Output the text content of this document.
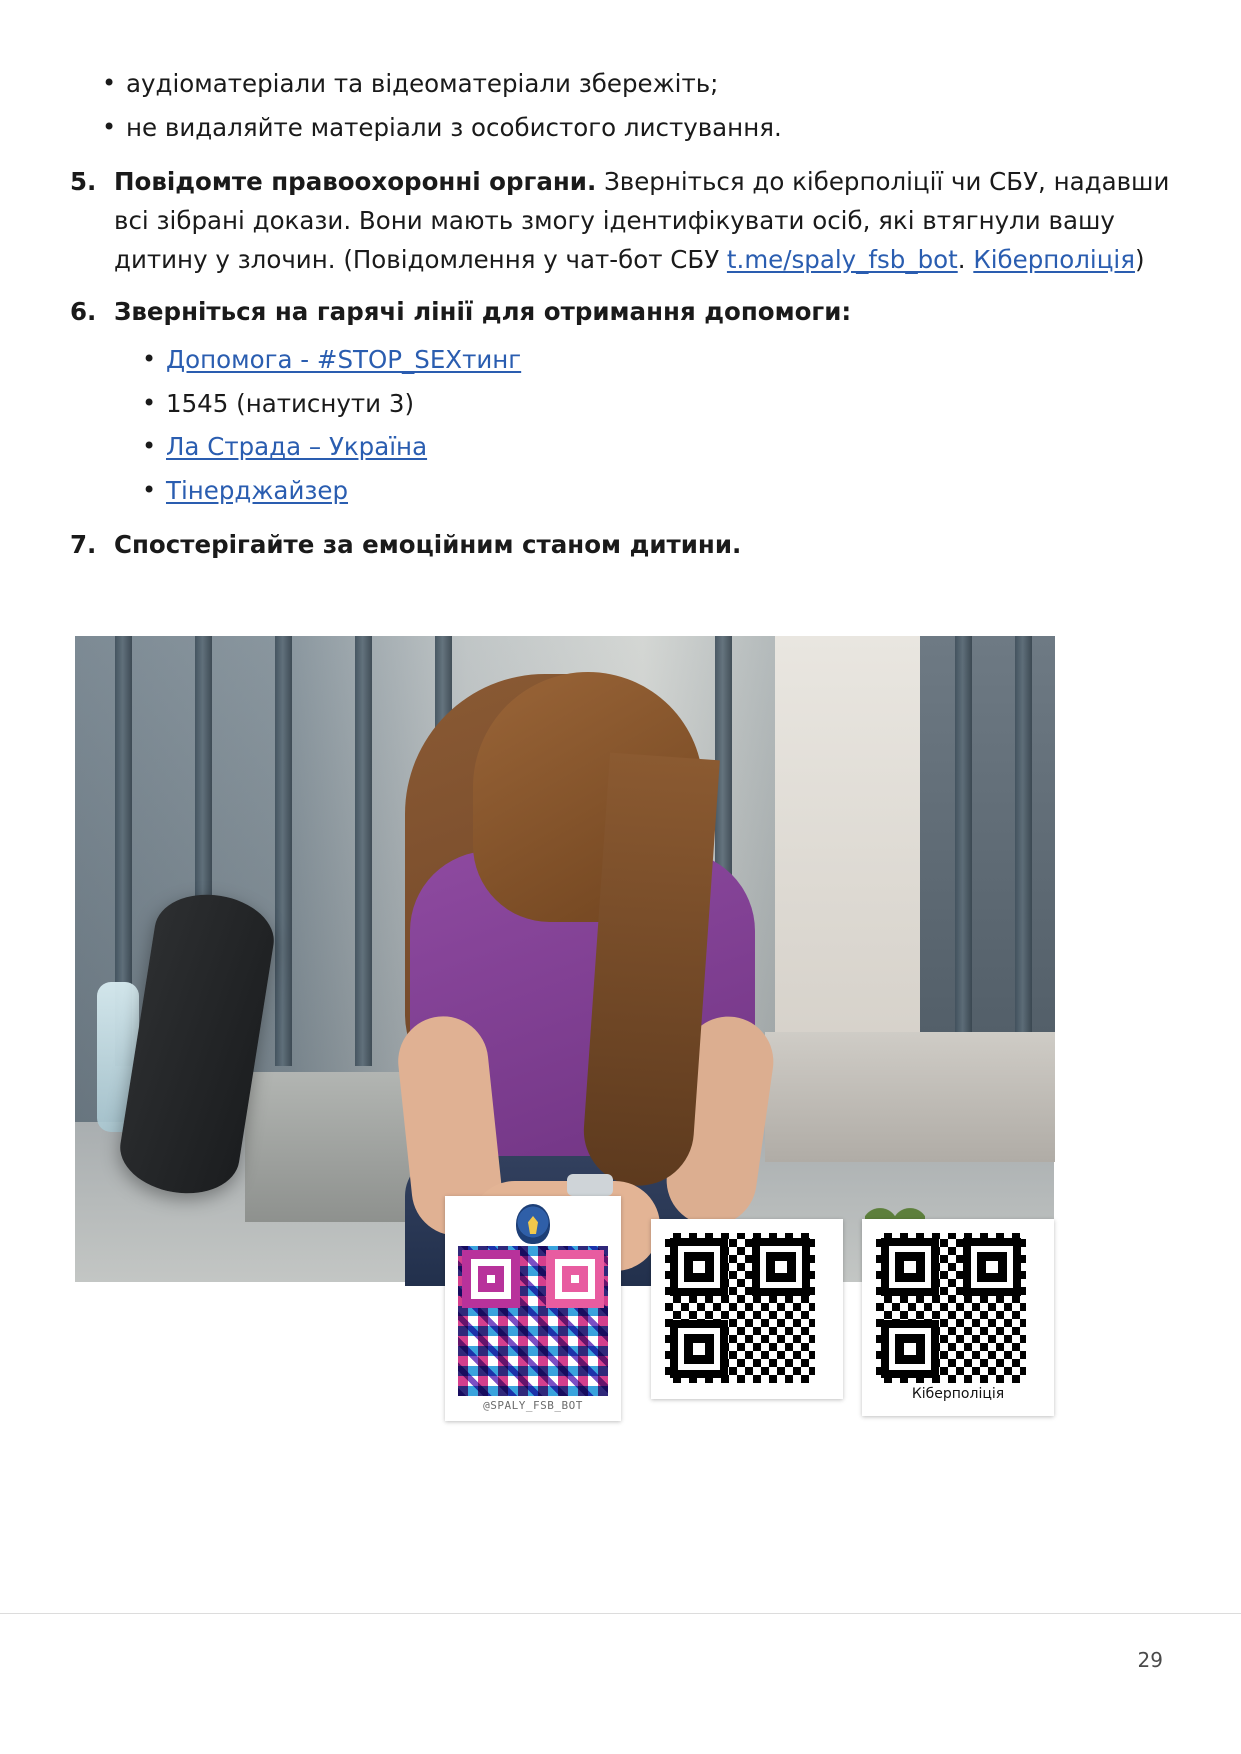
• аудіоматеріали та відеоматеріали збережіть;
• не видаляйте матеріали з особистого листування.
5. Повідомте правоохоронні органи. Зверніться до кіберполіції чи СБУ, надавши всі зібрані докази. Вони мають змогу ідентифікувати осіб, які втягнули вашу дитину у злочин. (Повідомлення у чат-бот СБУ t.me/spaly_fsb_bot. Кіберполіція)
6. Зверніться на гарячі лінії для отримання допомоги:
• Допомога - #STOP_SEXтинг
• 1545 (натиснути 3)
• Ла Страда – Україна
• Тінерджайзер
7. Спостерігайте за емоційним станом дитини.
@SPALY_FSB_BOT
Кіберполіція
29
